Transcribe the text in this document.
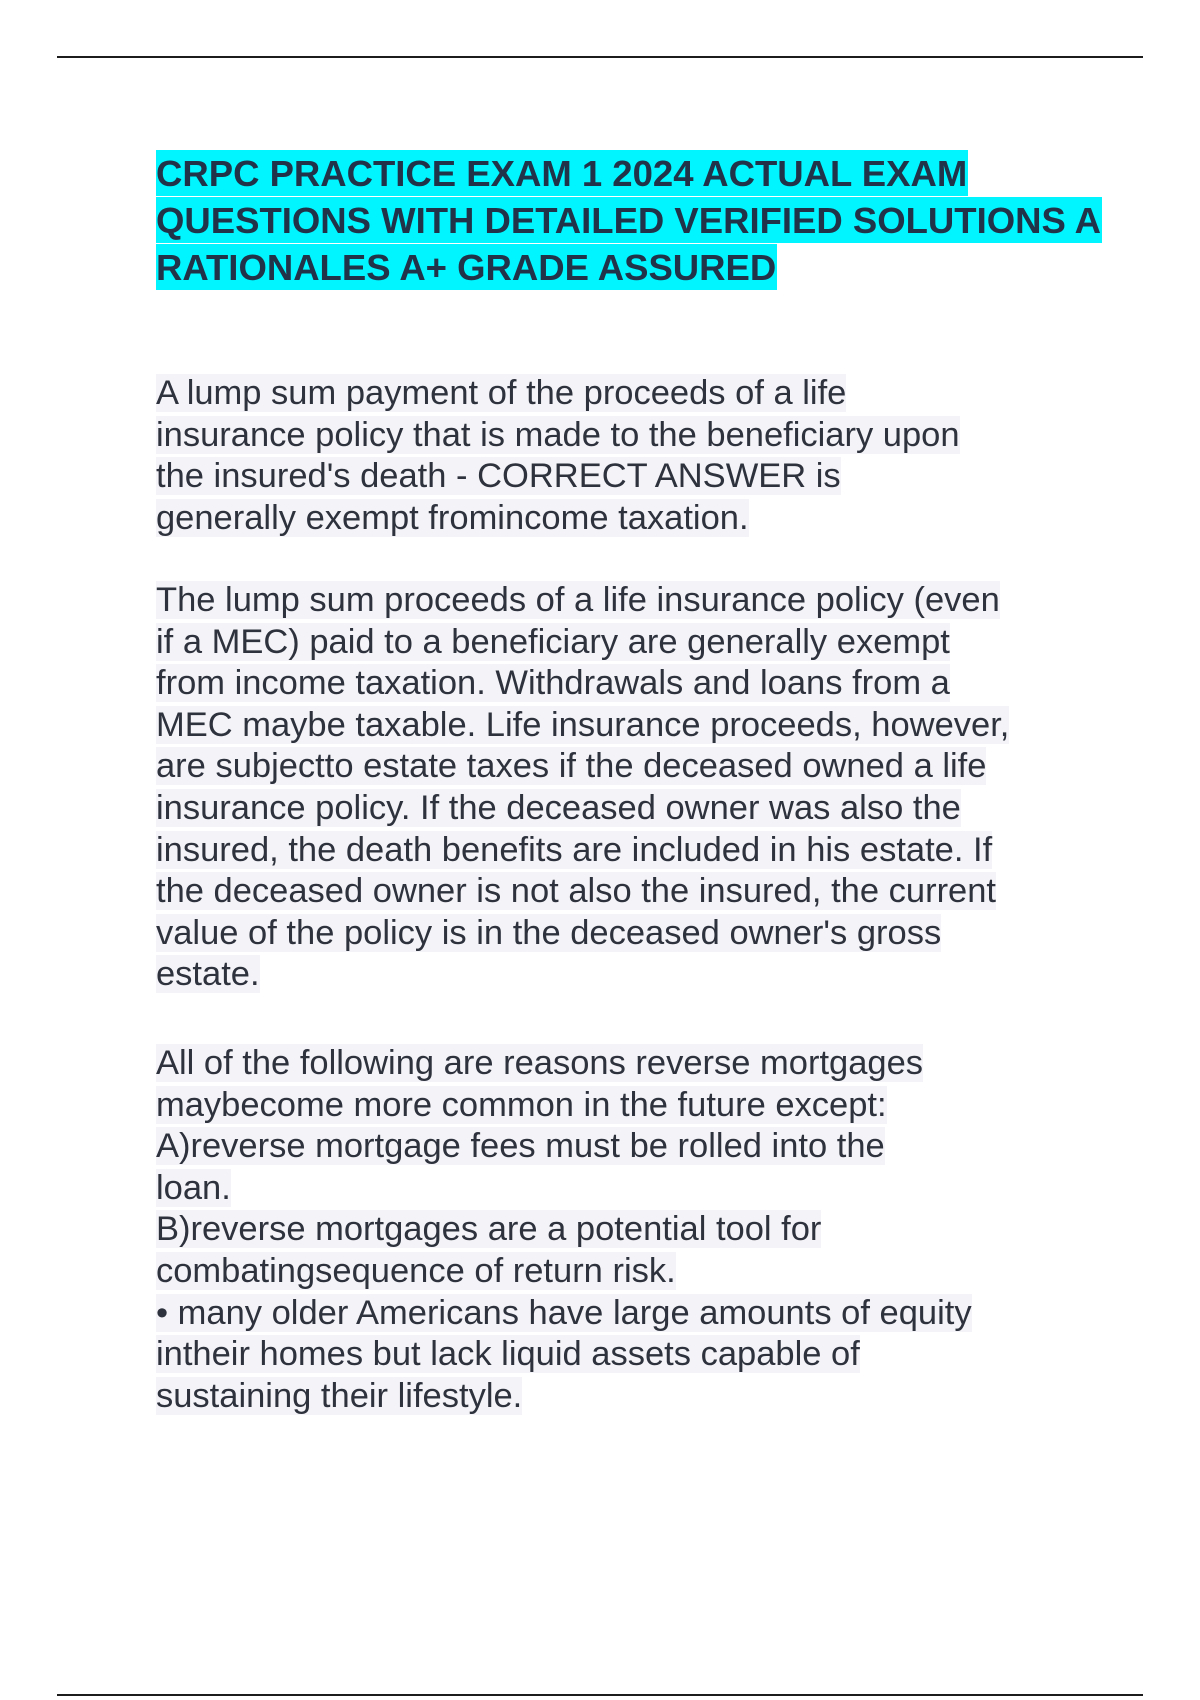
CRPC PRACTICE EXAM 1 2024 ACTUAL EXAM
QUESTIONS WITH DETAILED VERIFIED SOLUTIONS A
RATIONALES A+ GRADE ASSURED
A lump sum payment of the proceeds of a life
insurance policy that is made to the beneficiary upon
the insured's death - CORRECT ANSWER is
generally exempt fromincome taxation.
The lump sum proceeds of a life insurance policy (even
if a MEC) paid to a beneficiary are generally exempt
from income taxation. Withdrawals and loans from a
MEC maybe taxable. Life insurance proceeds, however,
are subjectto estate taxes if the deceased owned a life
insurance policy. If the deceased owner was also the
insured, the death benefits are included in his estate. If
the deceased owner is not also the insured, the current
value of the policy is in the deceased owner's gross
estate.
All of the following are reasons reverse mortgages
maybecome more common in the future except:
A)reverse mortgage fees must be rolled into the
loan.
B)reverse mortgages are a potential tool for
combatingsequence of return risk.
• many older Americans have large amounts of equity
intheir homes but lack liquid assets capable of
sustaining their lifestyle.
